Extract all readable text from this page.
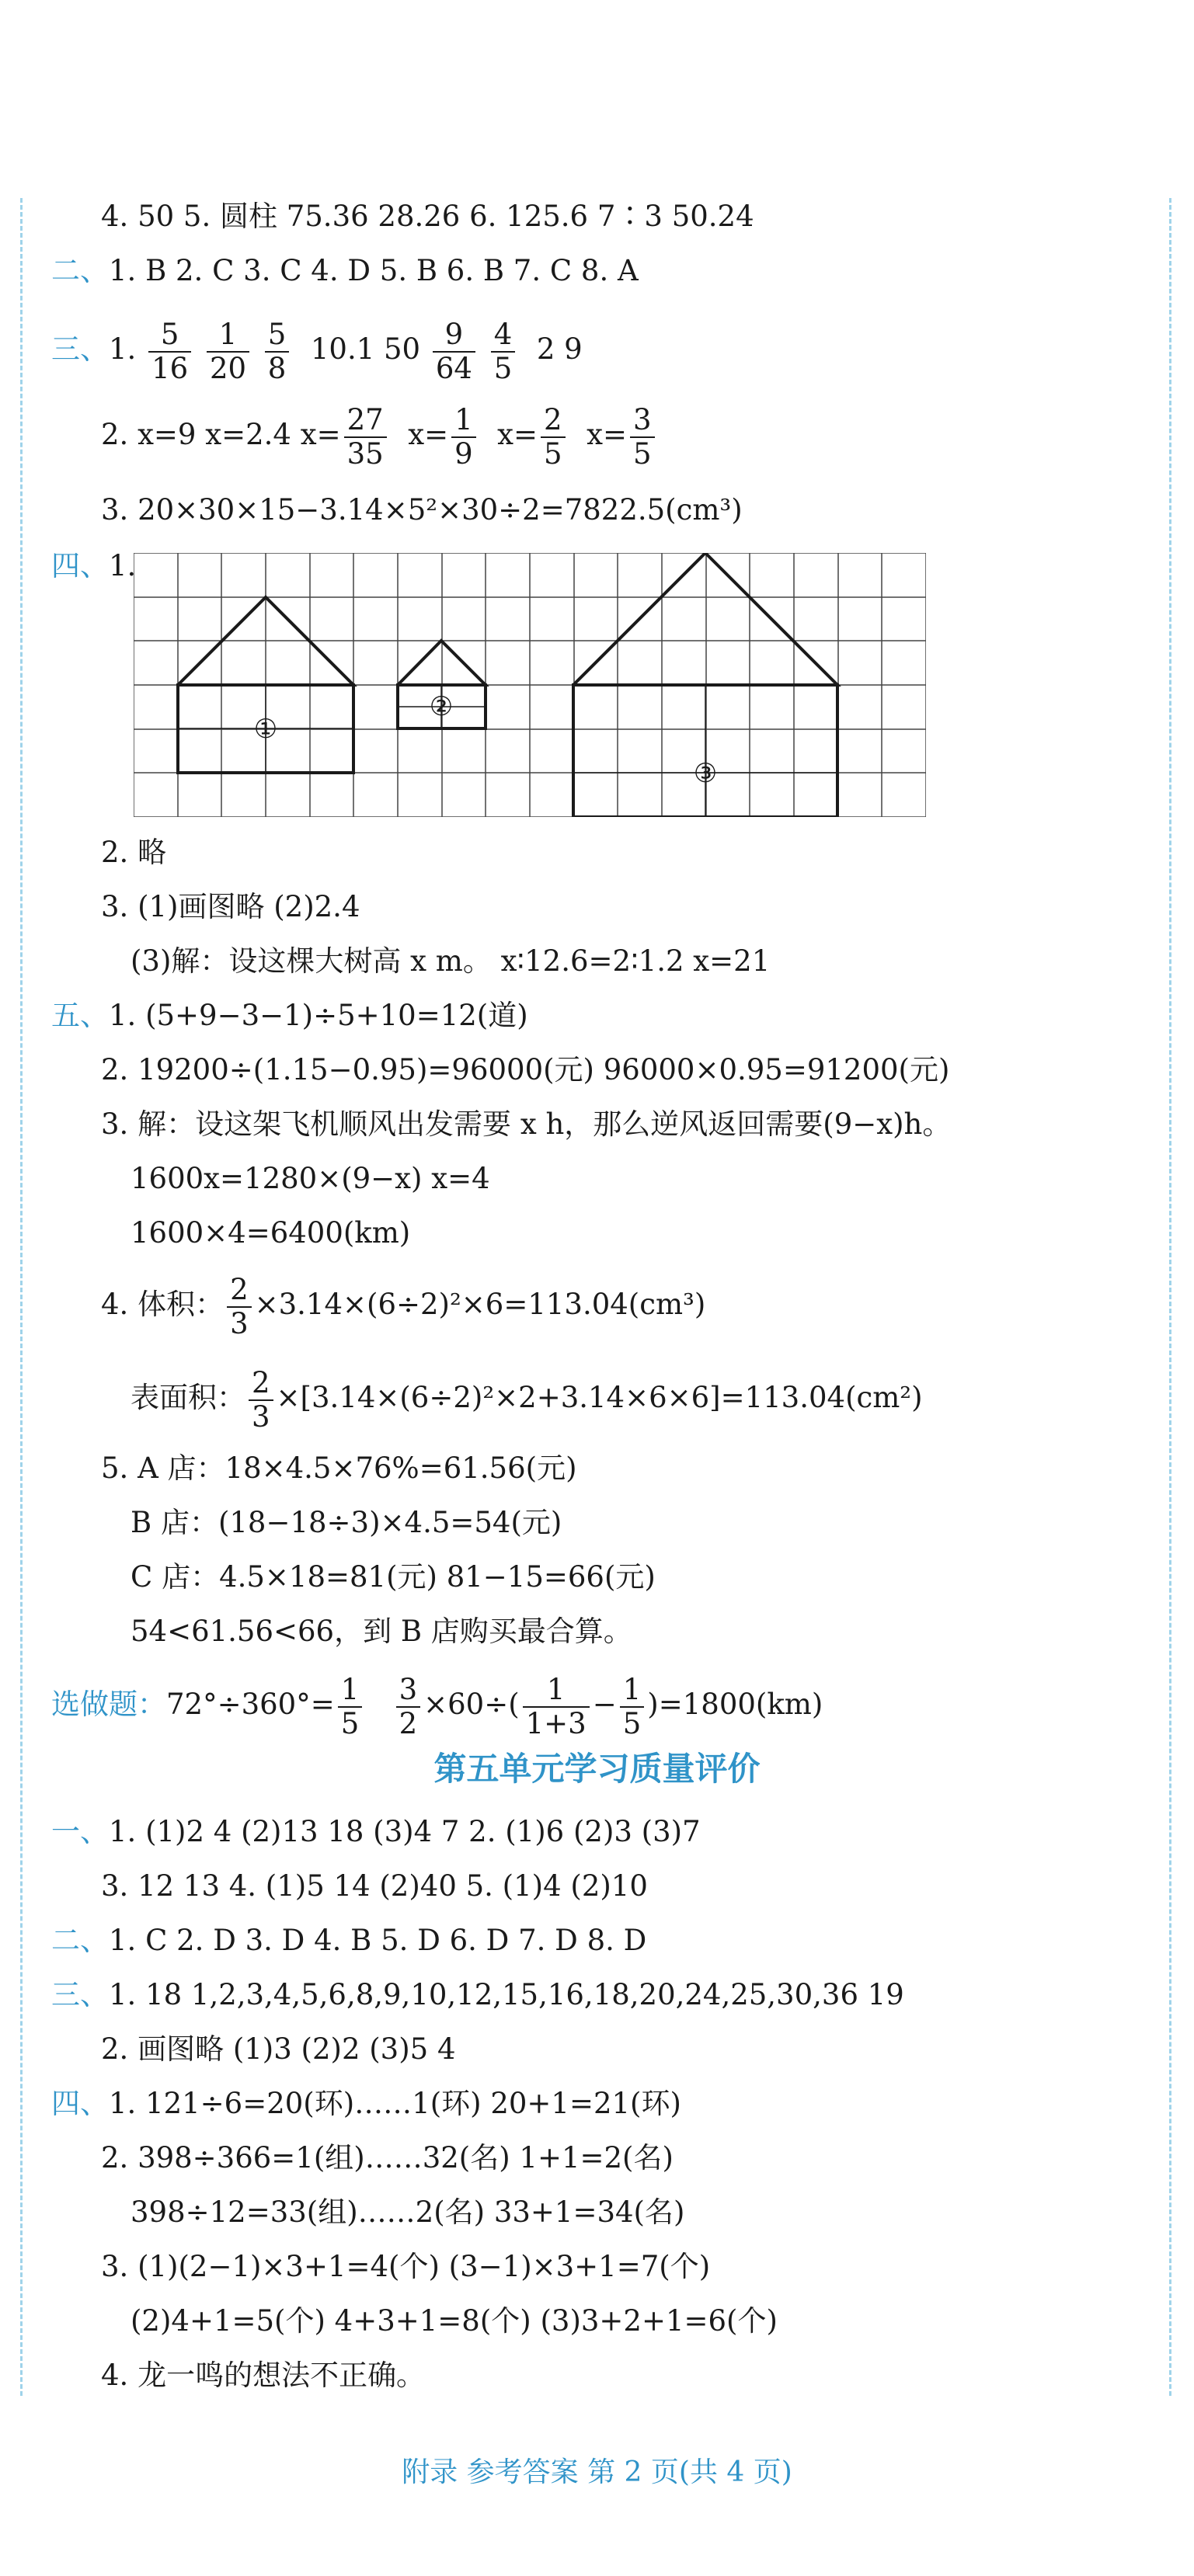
4. 50 5. 圆柱 75.36 28.26 6. 125.6 7∶3 50.24
二、1. B 2. C 3. C 4. D 5. B 6. B 7. C 8. A
三、1. $\frac{5}{16}$
$\frac{1}{20}$
$\frac{5}{8} 10.1$ $50 \frac{9}{64}$
$\frac{4}{5} 2$ 9
2. x=9 x=2.4 $x= \frac{27}{35} x= \frac{1}{9} x= \frac{2}{5} x= \frac{3}{5}$
3. 20×30×15−3.14×5²×30÷2=7822.5(cm³)
四、1.
①
②
③
2. 略
3. (1)画图略 (2)2.4
(3)解：设这棵大树高 x m。 x∶12.6=2∶1.2 x=21
五、1. (5+9−3−1)÷5+10=12(道)
2. 19200÷(1.15−0.95)=96000(元) 96000×0.95=91200(元)
3. 解：设这架飞机顺风出发需要 x h，那么逆风返回需要(9−x)h。
1600x=1280×(9−x) x=4
1600×4=6400(km)
4. 体积： $\frac{2}{3} \times 3.14\times(6\div 2)^2\times 6=113.04(cm^3)$
表面积： $\frac{2}{3} \times[3.14\times(6\div 2)^2\times 2+3.14\times 6\times 6]=113.04(cm^2)$
5. A 店：18×4.5×76%=61.56(元)
B 店：(18−18÷3)×4.5=54(元)
C 店：4.5×18=81(元) 81−15=66(元)
54<61.56<66，到 B 店购买最合算。
选做题：$72^\circ\div 360^\circ= \frac{1}{5}$
$\frac{3}{2} \times 60\div( \frac{1}{1+3} - \frac{1}{5} )=1800(km)$
第五单元学习质量评价
一、1. (1)2 4 (2)13 18 (3)4 7 2. (1)6 (2)3 (3)7
3. 12 13 4. (1)5 14 (2)40 5. (1)4 (2)10
二、1. C 2. D 3. D 4. B 5. D 6. D 7. D 8. D
三、1. 18 1,2,3,4,5,6,8,9,10,12,15,16,18,20,24,25,30,36 19
2. 画图略 (1)3 (2)2 (3)5 4
四、1. 121÷6=20(环)……1(环) 20+1=21(环)
2. 398÷366=1(组)……32(名) 1+1=2(名)
398÷12=33(组)……2(名) 33+1=34(名)
3. (1)(2−1)×3+1=4(个) (3−1)×3+1=7(个)
(2)4+1=5(个) 4+3+1=8(个) (3)3+2+1=6(个)
4. 龙一鸣的想法不正确。
附录 参考答案 第 2 页(共 4 页)
